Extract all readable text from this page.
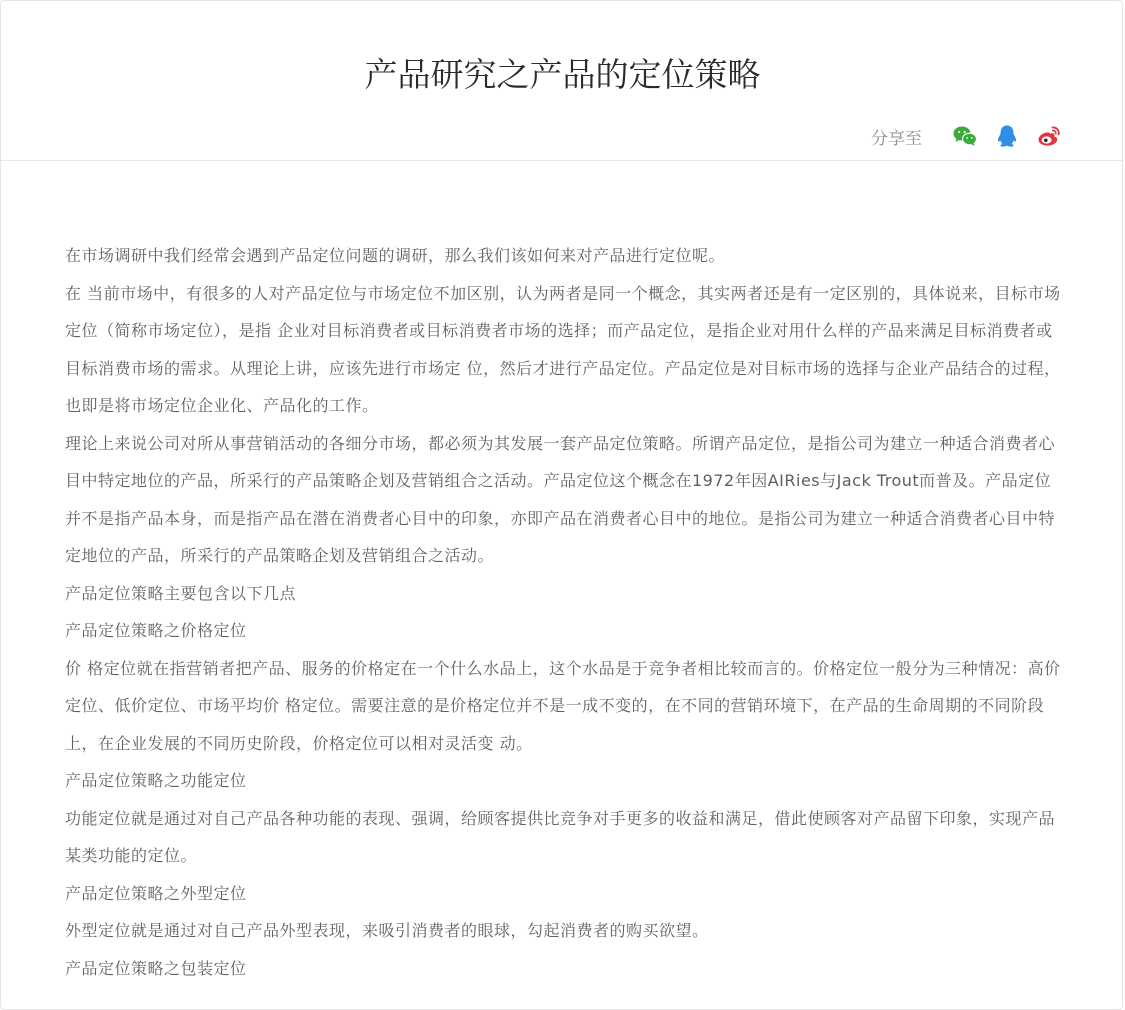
产品研究之产品的定位策略
分享至

在市场调研中我们经常会遇到产品定位问题的调研，那么我们该如何来对产品进行定位呢。

在 当前市场中，有很多的人对产品定位与市场定位不加区别，认为两者是同一个概念，其实两者还是有一定区别的，具体说来，目标市场定位（简称市场定位），是指 企业对目标消费者或目标消费者市场的选择；而产品定位，是指企业对用什么样的产品来满足目标消费者或目标消费市场的需求。从理论上讲，应该先进行市场定 位，然后才进行产品定位。产品定位是对目标市场的选择与企业产品结合的过程，也即是将市场定位企业化、产品化的工作。

理论上来说公司对所从事营销活动的各细分市场，都必须为其发展一套产品定位策略。所谓产品定位，是指公司为建立一种适合消费者心目中特定地位的产品，所采行的产品策略企划及营销组合之活动。产品定位这个概念在1972年因AIRies与Jack Trout而普及。产品定位并不是指产品本身，而是指产品在潜在消费者心目中的印象，亦即产品在消费者心目中的地位。是指公司为建立一种适合消费者心目中特定地位的产品，所采行的产品策略企划及营销组合之活动。

产品定位策略主要包含以下几点

产品定位策略之价格定位

价 格定位就在指营销者把产品、服务的价格定在一个什么水品上，这个水品是于竞争者相比较而言的。价格定位一般分为三种情况：高价定位、低价定位、市场平均价 格定位。需要注意的是价格定位并不是一成不变的，在不同的营销环境下，在产品的生命周期的不同阶段上，在企业发展的不同历史阶段，价格定位可以相对灵活变 动。

产品定位策略之功能定位

功能定位就是通过对自己产品各种功能的表现、强调，给顾客提供比竞争对手更多的收益和满足，借此使顾客对产品留下印象，实现产品某类功能的定位。

产品定位策略之外型定位

外型定位就是通过对自己产品外型表现，来吸引消费者的眼球，勾起消费者的购买欲望。

产品定位策略之包装定位
